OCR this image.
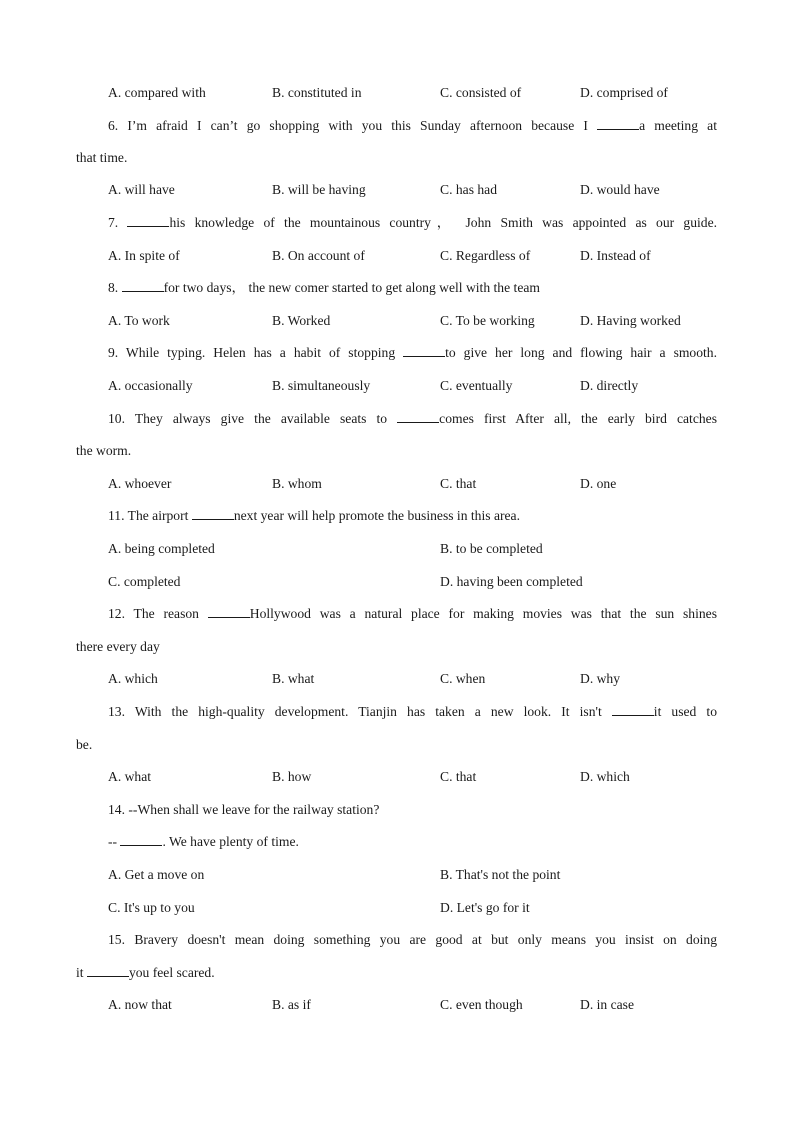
A. compared with	B. constituted in	C. consisted of	D. comprised of
6. I’m afraid I can’t go shopping with you this Sunday afternoon because I	a meeting at
that time.
A. will have	B. will be having	C. has had	D. would have
7.	his knowledge of the mountainous country， John Smith was appointed as our guide.
A. In spite of	B. On account of	C. Regardless of	D. Instead of
8.	for two days， the new comer started to get along well with the team
A. To work	B. Worked	C. To be working	D. Having worked
9. While typing. Helen has a habit of stopping	to give her long and flowing hair a smooth.
A. occasionally	B. simultaneously	C. eventually	D. directly
10. They always give the available seats to	comes first After all, the early bird catches
the worm.
A. whoever	B. whom	C. that	D. one
11. The airport	next year will help promote the business in this area.
A. being completed	B. to be completed
C. completed	D. having been completed
12. The reason	Hollywood was a natural place for making movies was that the sun shines
there every day
A. which	B. what	C. when	D. why
13. With the high-quality development. Tianjin has taken a new look. It isn't	it used to
be.
A. what	B. how	C. that	D. which
14. --When shall we leave for the railway station?
--	. We have plenty of time.
A. Get a move on	B. That's not the point
C. It's up to you	D. Let's go for it
15. Bravery doesn't mean doing something you are good at but only means you insist on doing
it	you feel scared.
A. now that	B. as if	C. even though	D. in case
